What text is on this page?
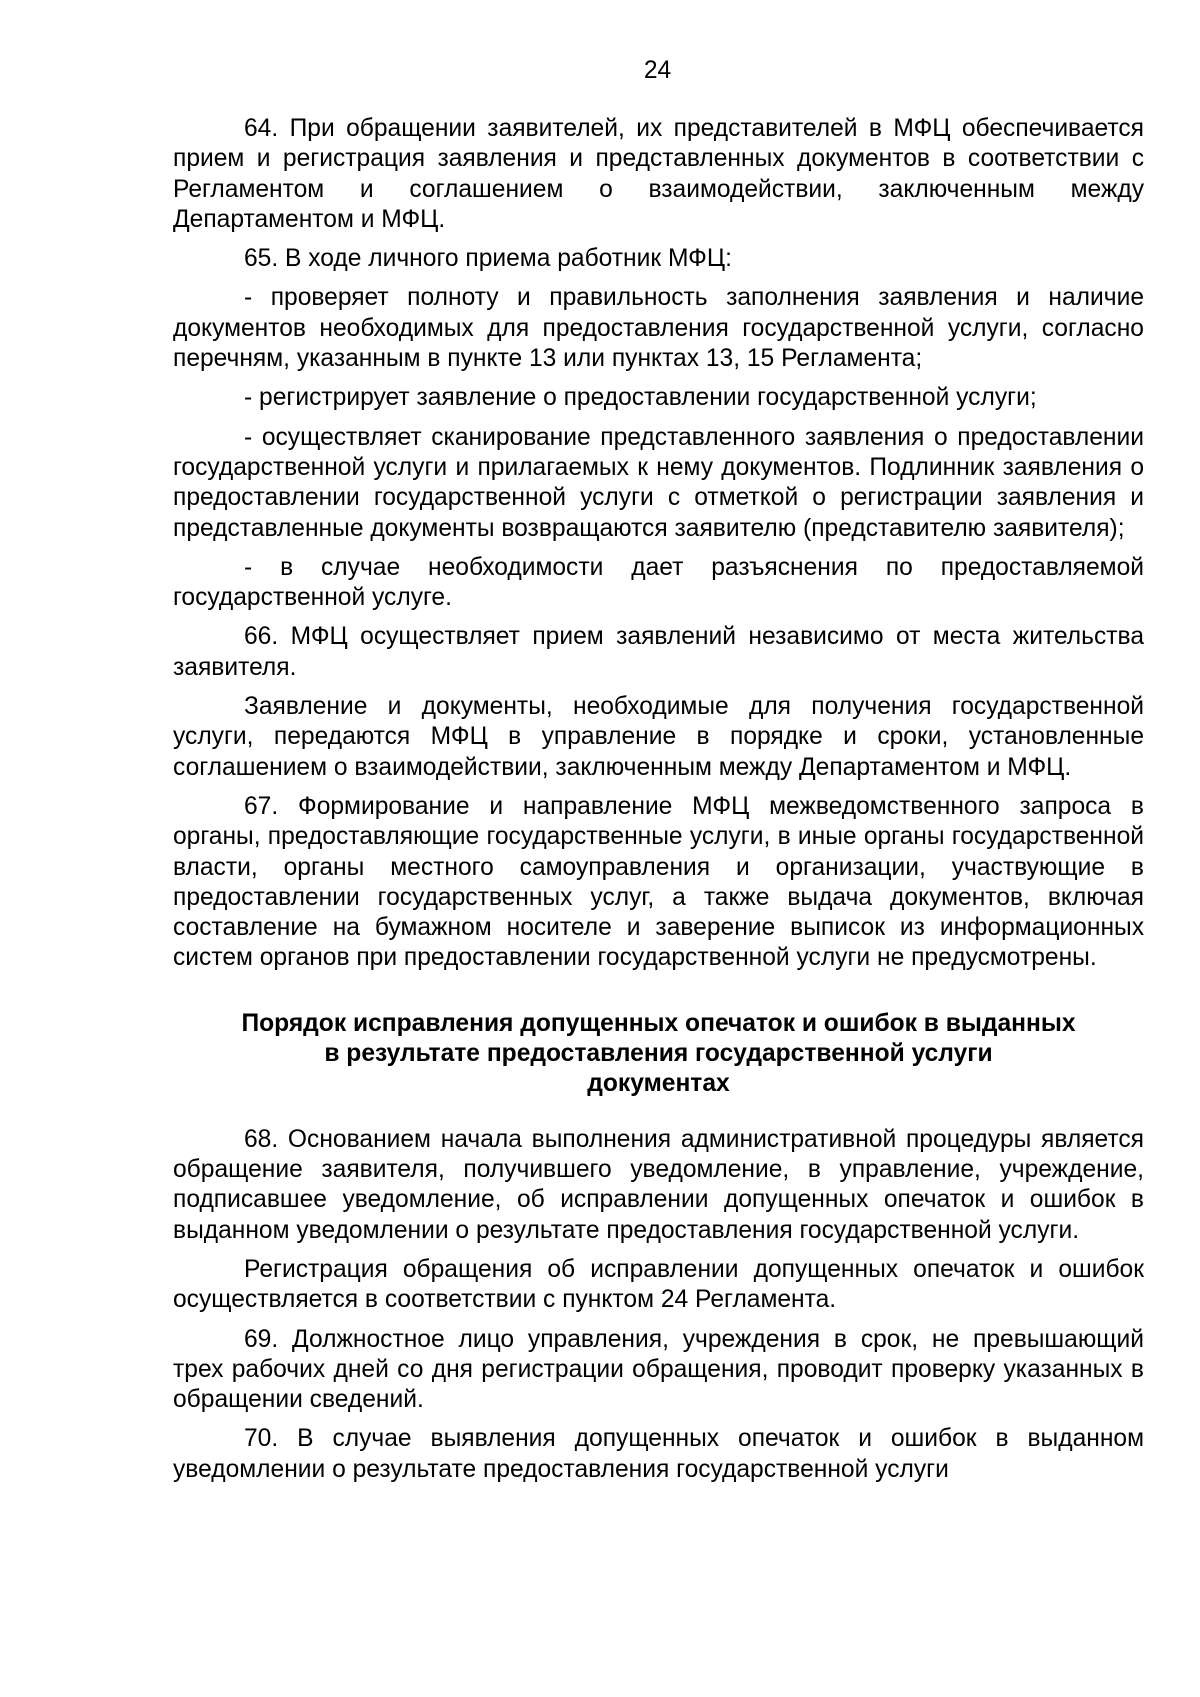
24

64. При обращении заявителей, их представителей в МФЦ обеспечивается прием и регистрация заявления и представленных документов в соответствии с Регламентом и соглашением о взаимодействии, заключенным между Департаментом и МФЦ.

65. В ходе личного приема работник МФЦ:

- проверяет полноту и правильность заполнения заявления и наличие документов необходимых для предоставления государственной услуги, согласно перечням, указанным в пункте 13 или пунктах 13, 15 Регламента;

- регистрирует заявление о предоставлении государственной услуги;

- осуществляет сканирование представленного заявления о предоставлении государственной услуги и прилагаемых к нему документов. Подлинник заявления о предоставлении государственной услуги с отметкой о регистрации заявления и представленные документы возвращаются заявителю (представителю заявителя);

- в случае необходимости дает разъяснения по предоставляемой государственной услуге.

66. МФЦ осуществляет прием заявлений независимо от места жительства заявителя.

Заявление и документы, необходимые для получения государственной услуги, передаются МФЦ в управление в порядке и сроки, установленные соглашением о взаимодействии, заключенным между Департаментом и МФЦ.

67. Формирование и направление МФЦ межведомственного запроса в органы, предоставляющие государственные услуги, в иные органы государственной власти, органы местного самоуправления и организации, участвующие в предоставлении государственных услуг, а также выдача документов, включая составление на бумажном носителе и заверение выписок из информационных систем органов при предоставлении государственной услуги не предусмотрены.

Порядок исправления допущенных опечаток и ошибок в выданных
в результате предоставления государственной услуги
документах

68. Основанием начала выполнения административной процедуры является обращение заявителя, получившего уведомление, в управление, учреждение, подписавшее уведомление, об исправлении допущенных опечаток и ошибок в выданном уведомлении о результате предоставления государственной услуги.

Регистрация обращения об исправлении допущенных опечаток и ошибок осуществляется в соответствии с пунктом 24 Регламента.

69. Должностное лицо управления, учреждения в срок, не превышающий трех рабочих дней со дня регистрации обращения, проводит проверку указанных в обращении сведений.

70. В случае выявления допущенных опечаток и ошибок в выданном уведомлении о результате предоставления государственной услуги
